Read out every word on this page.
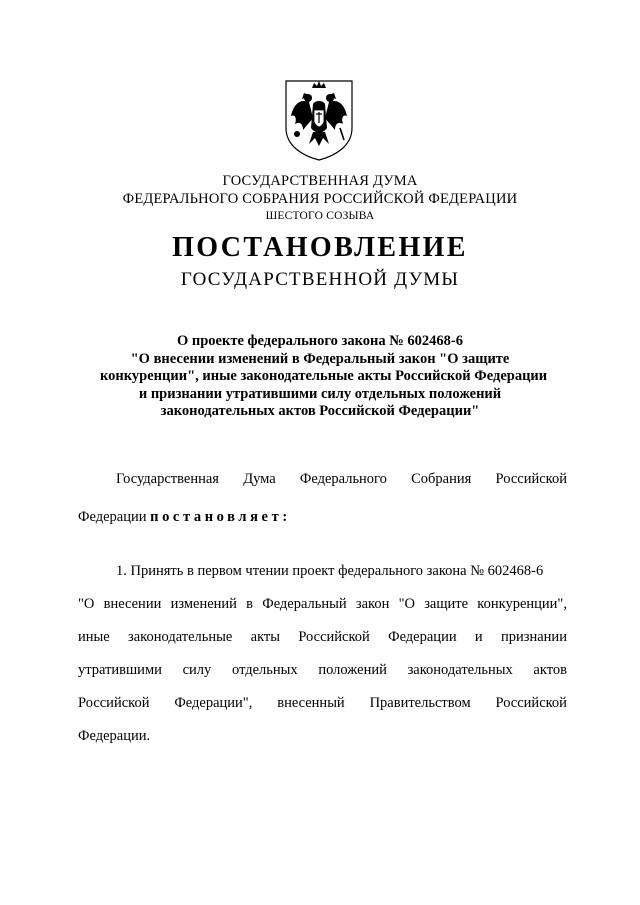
ГОСУДАРСТВЕННАЯ ДУМА
ФЕДЕРАЛЬНОГО СОБРАНИЯ РОССИЙСКОЙ ФЕДЕРАЦИИ
ШЕСТОГО СОЗЫВА
ПОСТАНОВЛЕНИЕ
ГОСУДАРСТВЕННОЙ ДУМЫ
О проекте федерального закона № 602468-6
"О внесении изменений в Федеральный закон "О защите
конкуренции", иные законодательные акты Российской Федерации
и признании утратившими силу отдельных положений
законодательных актов Российской Федерации"
Государственная Дума Федерального Собрания Российской
Федерации постановляет:
1. Принять в первом чтении проект федерального закона № 602468-6
"О внесении изменений в Федеральный закон "О защите конкуренции",
иные законодательные акты Российской Федерации и признании
утратившими силу отдельных положений законодательных актов
Российской Федерации", внесенный Правительством Российской
Федерации.
